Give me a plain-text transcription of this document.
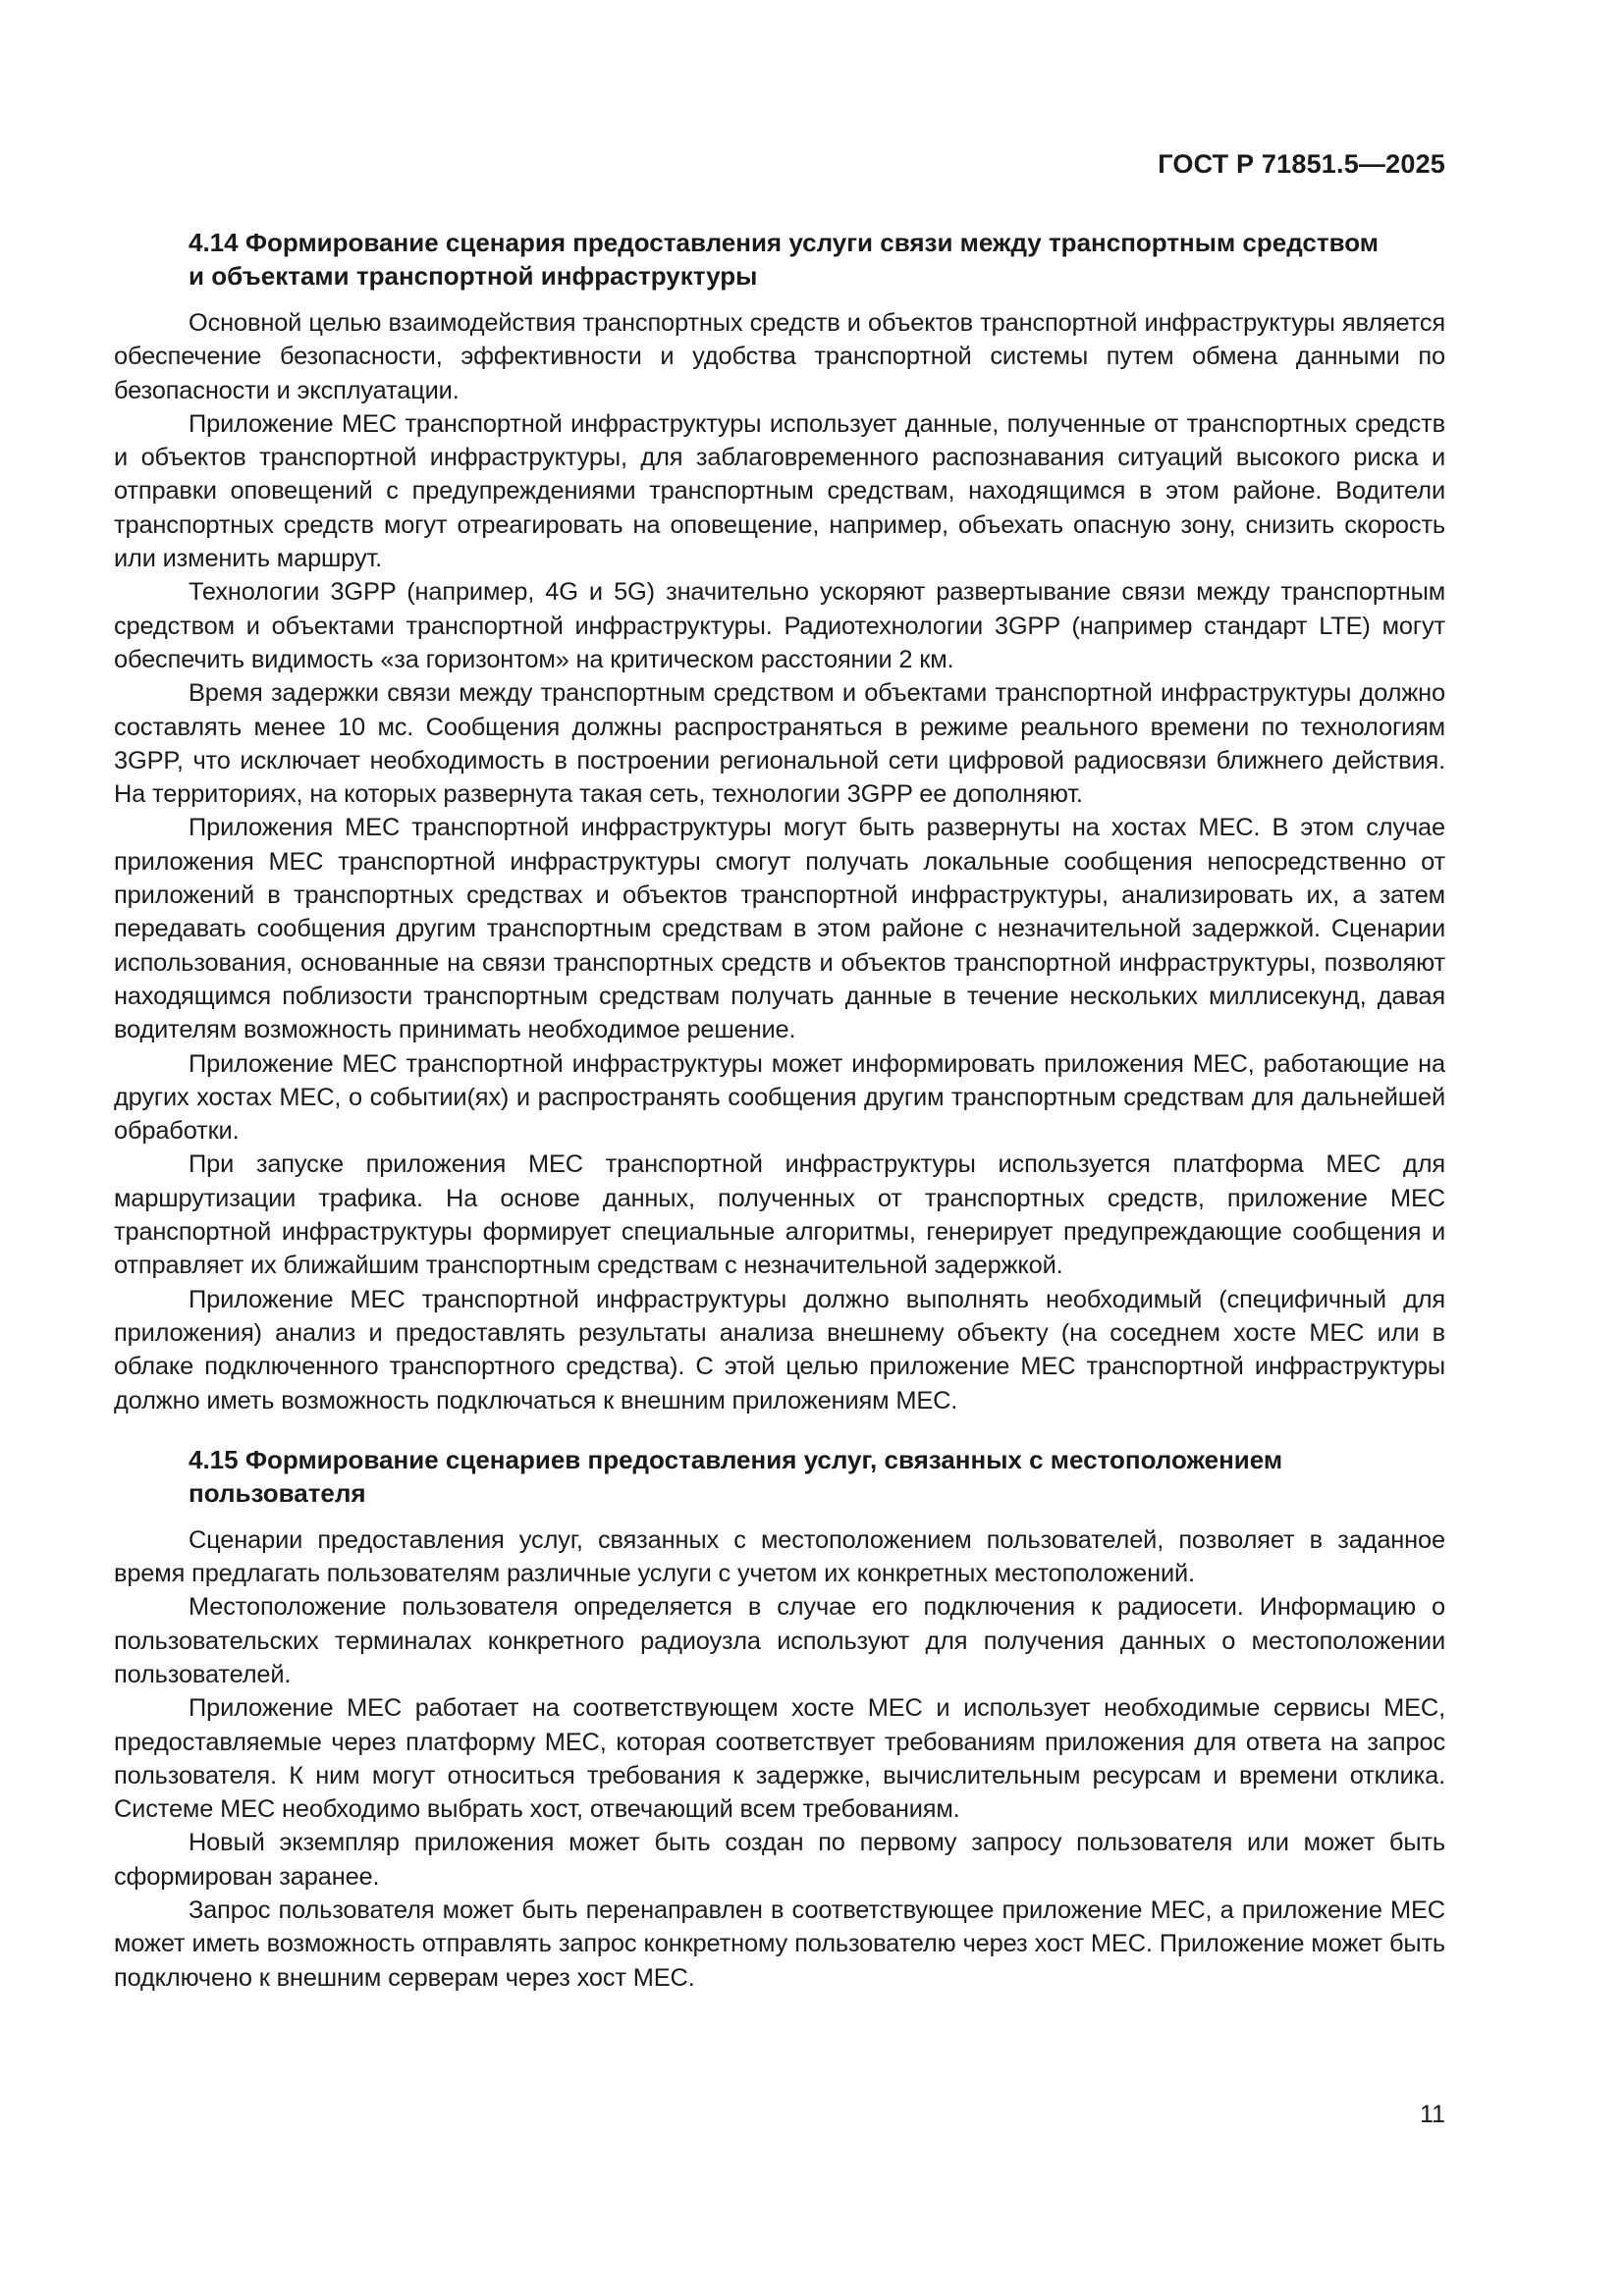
ГОСТ Р 71851.5—2025
4.14 Формирование сценария предоставления услуги связи между транспортным средством и объектами транспортной инфраструктуры

Основной целью взаимодействия транспортных средств и объектов транспортной инфраструктуры является обеспечение безопасности, эффективности и удобства транспортной системы путем обмена данными по безопасности и эксплуатации.

Приложение МЕС транспортной инфраструктуры использует данные, полученные от транспортных средств и объектов транспортной инфраструктуры, для заблаговременного распознавания ситуаций высокого риска и отправки оповещений с предупреждениями транспортным средствам, находящимся в этом районе. Водители транспортных средств могут отреагировать на оповещение, например, объехать опасную зону, снизить скорость или изменить маршрут.

Технологии 3GPP (например, 4G и 5G) значительно ускоряют развертывание связи между транспортным средством и объектами транспортной инфраструктуры. Радиотехнологии 3GPP (например стандарт LTE) могут обеспечить видимость «за горизонтом» на критическом расстоянии 2 км.

Время задержки связи между транспортным средством и объектами транспортной инфраструктуры должно составлять менее 10 мс. Сообщения должны распространяться в режиме реального времени по технологиям 3GPP, что исключает необходимость в построении региональной сети цифровой радиосвязи ближнего действия. На территориях, на которых развернута такая сеть, технологии 3GPP ее дополняют.

Приложения МЕС транспортной инфраструктуры могут быть развернуты на хостах МЕС. В этом случае приложения МЕС транспортной инфраструктуры смогут получать локальные сообщения непосредственно от приложений в транспортных средствах и объектов транспортной инфраструктуры, анализировать их, а затем передавать сообщения другим транспортным средствам в этом районе с незначительной задержкой. Сценарии использования, основанные на связи транспортных средств и объектов транспортной инфраструктуры, позволяют находящимся поблизости транспортным средствам получать данные в течение нескольких миллисекунд, давая водителям возможность принимать необходимое решение.

Приложение МЕС транспортной инфраструктуры может информировать приложения МЕС, работающие на других хостах МЕС, о событии(ях) и распространять сообщения другим транспортным средствам для дальнейшей обработки.

При запуске приложения МЕС транспортной инфраструктуры используется платформа МЕС для маршрутизации трафика. На основе данных, полученных от транспортных средств, приложение МЕС транспортной инфраструктуры формирует специальные алгоритмы, генерирует предупреждающие сообщения и отправляет их ближайшим транспортным средствам с незначительной задержкой.

Приложение МЕС транспортной инфраструктуры должно выполнять необходимый (специфичный для приложения) анализ и предоставлять результаты анализа внешнему объекту (на соседнем хосте МЕС или в облаке подключенного транспортного средства). С этой целью приложение МЕС транспортной инфраструктуры должно иметь возможность подключаться к внешним приложениям МЕС.

4.15 Формирование сценариев предоставления услуг, связанных с местоположением пользователя

Сценарии предоставления услуг, связанных с местоположением пользователей, позволяет в заданное время предлагать пользователям различные услуги с учетом их конкретных местоположений.

Местоположение пользователя определяется в случае его подключения к радиосети. Информацию о пользовательских терминалах конкретного радиоузла используют для получения данных о местоположении пользователей.

Приложение МЕС работает на соответствующем хосте МЕС и использует необходимые сервисы МЕС, предоставляемые через платформу МЕС, которая соответствует требованиям приложения для ответа на запрос пользователя. К ним могут относиться требования к задержке, вычислительным ресурсам и времени отклика. Системе МЕС необходимо выбрать хост, отвечающий всем требованиям.

Новый экземпляр приложения может быть создан по первому запросу пользователя или может быть сформирован заранее.

Запрос пользователя может быть перенаправлен в соответствующее приложение МЕС, а приложение МЕС может иметь возможность отправлять запрос конкретному пользователю через хост МЕС. Приложение может быть подключено к внешним серверам через хост МЕС.

11
